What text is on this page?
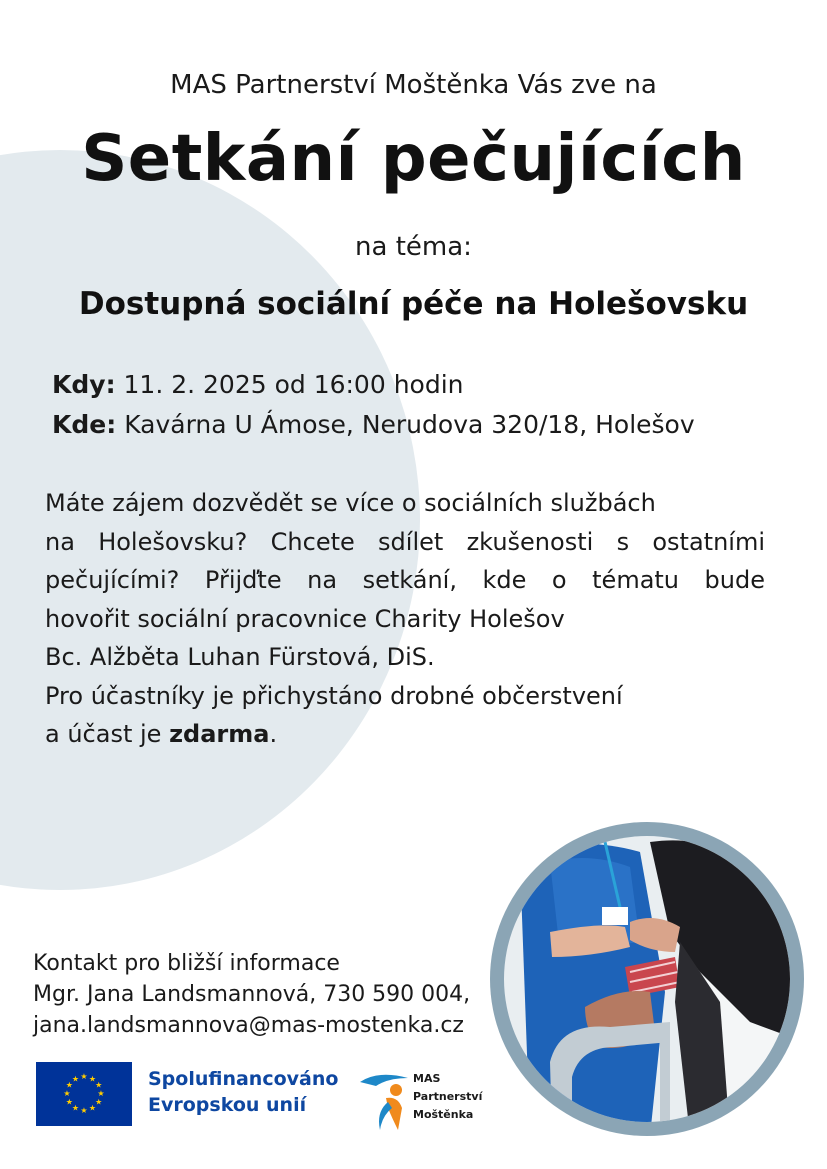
MAS Partnerství Moštěnka Vás zve na
Setkání pečujících
na téma:
Dostupná sociální péče na Holešovsku
Kdy: 11. 2. 2025 od 16:00 hodin
Kde: Kavárna U Ámose, Nerudova 320/18, Holešov
Máte zájem dozvědět se více o sociálních službách
na Holešovsku? Chcete sdílet zkušenosti s ostatními
pečujícími? Přijďte na setkání, kde o tématu bude
hovořit sociální pracovnice Charity Holešov
Bc. Alžběta Luhan Fürstová, DiS.
Pro účastníky je přichystáno drobné občerstvení
a účast je zdarma.
Kontakt pro bližší informace
Mgr. Jana Landsmannová, 730 590 004,
jana.landsmannova@mas-mostenka.cz
★ ★
★
★
★
★
★
★
★
★
★
★	Spolufinancováno
Evropskou unií
MAS
Partnerství
Moštěnka
